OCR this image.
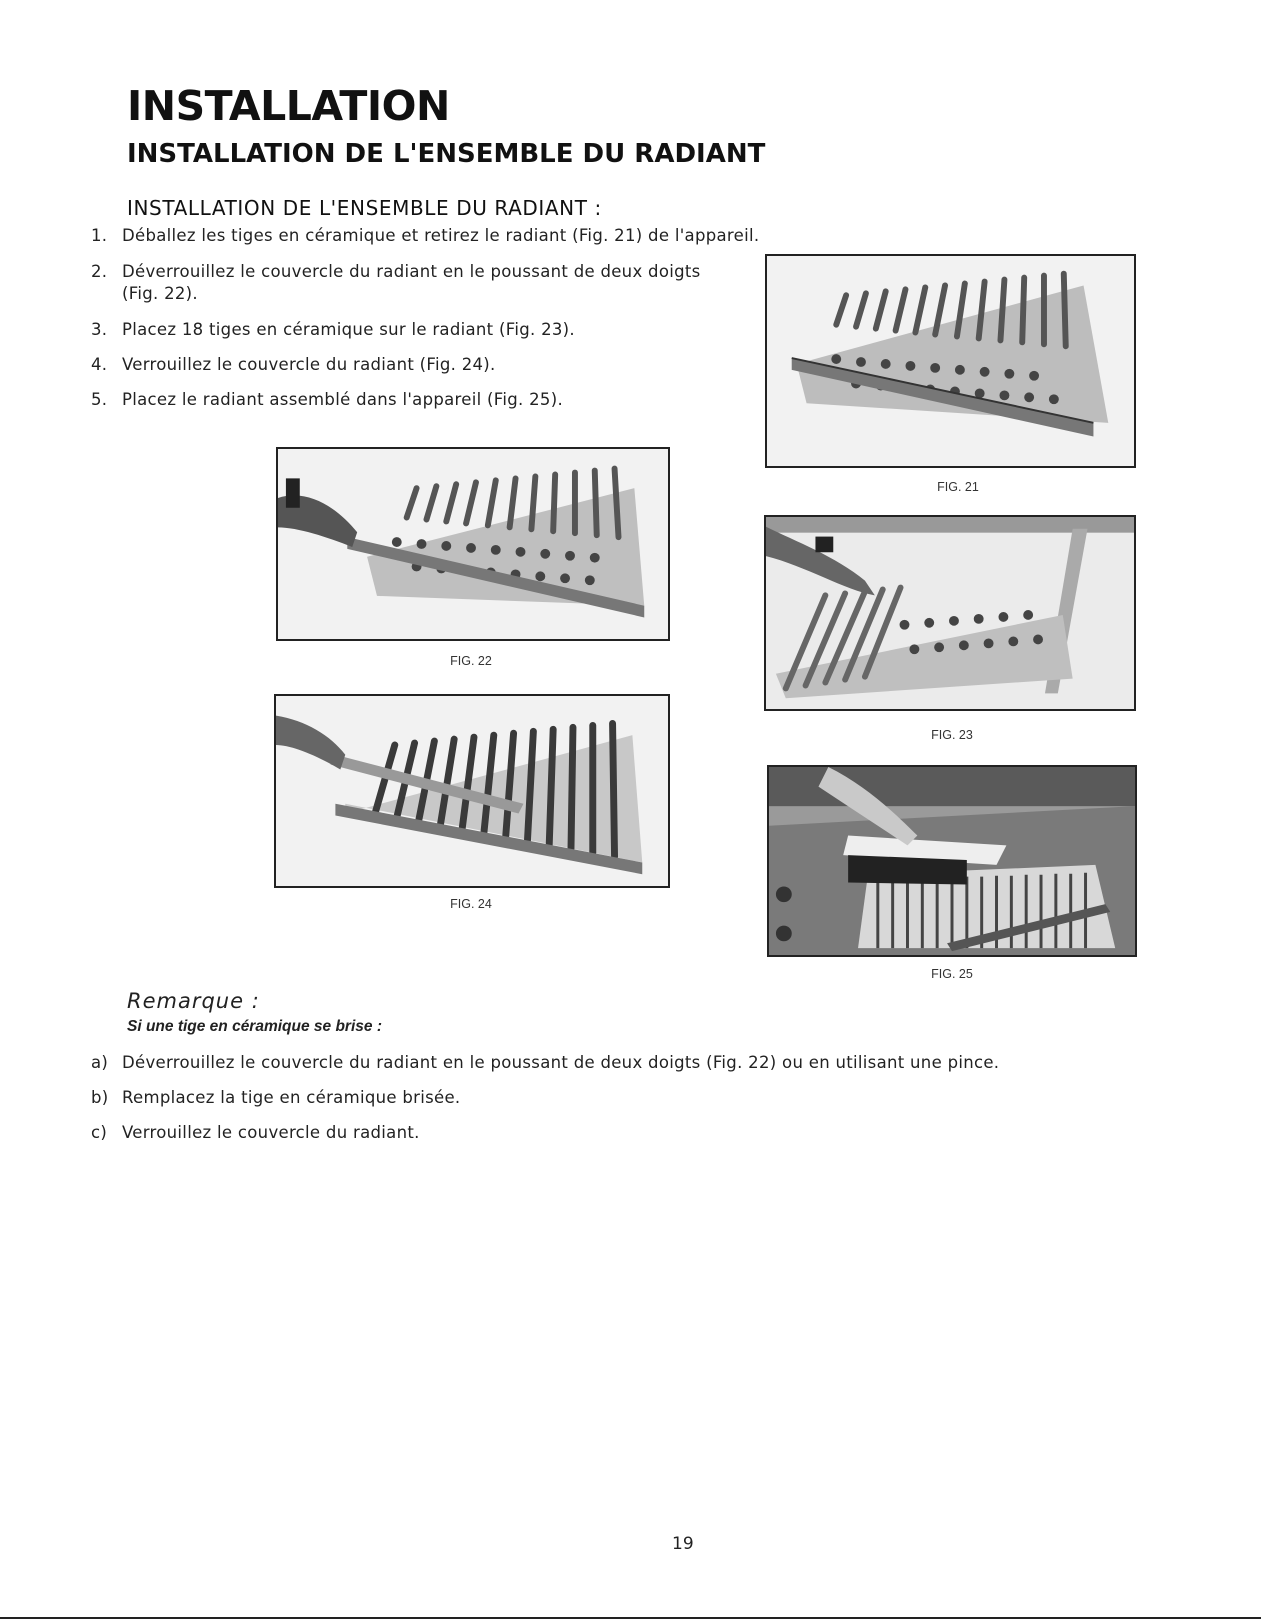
INSTALLATION
INSTALLATION DE L'ENSEMBLE DU RADIANT
INSTALLATION DE L'ENSEMBLE DU RADIANT :
1. Déballez les tiges en céramique et retirez le radiant (Fig. 21) de l'appareil.
2. Déverrouillez le couvercle du radiant en le poussant de deux doigts
(Fig. 22).
3. Placez 18 tiges en céramique sur le radiant (Fig. 23).
4. Verrouillez le couvercle du radiant (Fig. 24).
5. Placez le radiant assemblé dans l'appareil (Fig. 25).
FIG. 21
FIG. 22
FIG. 23
FIG. 24
FIG. 25
Remarque :
Si une tige en céramique se brise :
a) Déverrouillez le couvercle du radiant en le poussant de deux doigts (Fig. 22) ou en utilisant une pince.
b) Remplacez la tige en céramique brisée.
c) Verrouillez le couvercle du radiant.
19
